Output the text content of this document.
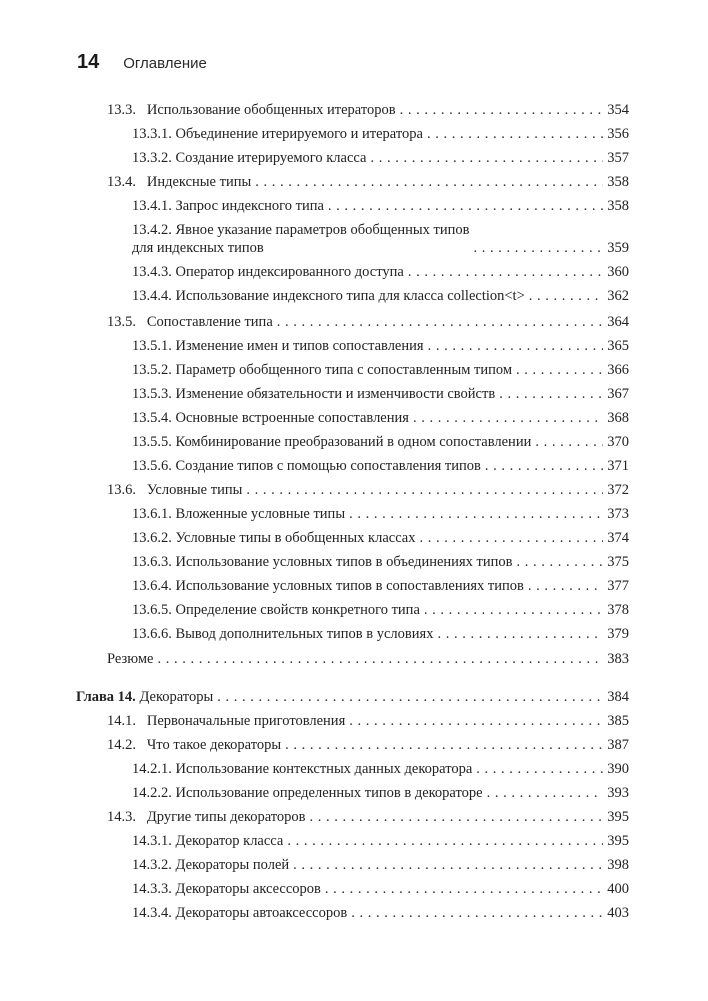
14 Оглавление
13.3. Использование обобщенных итераторов . . .	354
13.3.1. Объединение итерируемого и итератора . . .	356
13.3.2. Создание итерируемого класса . . .	357
13.4. Индексные типы . . .	358
13.4.1. Запрос индексного типа . . .	358
13.4.2. Явное указание параметров обобщенных типов
для индексных типов . . .	359
13.4.3. Оператор индексированного доступа . . .	360
13.4.4. Использование индексного типа для класса collection<t> . . .	362
13.5. Сопоставление типа . . .	364
13.5.1. Изменение имен и типов сопоставления . . .	365
13.5.2. Параметр обобщенного типа с сопоставленным типом . . .	366
13.5.3. Изменение обязательности и изменчивости свойств . . .	367
13.5.4. Основные встроенные сопоставления . . .	368
13.5.5. Комбинирование преобразований в одном сопоставлении . . .	370
13.5.6. Создание типов с помощью сопоставления типов . . .	371
13.6. Условные типы . . .	372
13.6.1. Вложенные условные типы . . .	373
13.6.2. Условные типы в обобщенных классах . . .	374
13.6.3. Использование условных типов в объединениях типов . . .	375
13.6.4. Использование условных типов в сопоставлениях типов . . .	377
13.6.5. Определение свойств конкретного типа . . .	378
13.6.6. Вывод дополнительных типов в условиях . . .	379
Резюме . . .	383
Глава 14. Декораторы . . .	384
14.1. Первоначальные приготовления . . .	385
14.2. Что такое декораторы . . .	387
14.2.1. Использование контекстных данных декоратора . . .	390
14.2.2. Использование определенных типов в декораторе . . .	393
14.3. Другие типы декораторов . . .	395
14.3.1. Декоратор класса . . .	395
14.3.2. Декораторы полей . . .	398
14.3.3. Декораторы аксессоров . . .	400
14.3.4. Декораторы автоаксессоров . . .	403
